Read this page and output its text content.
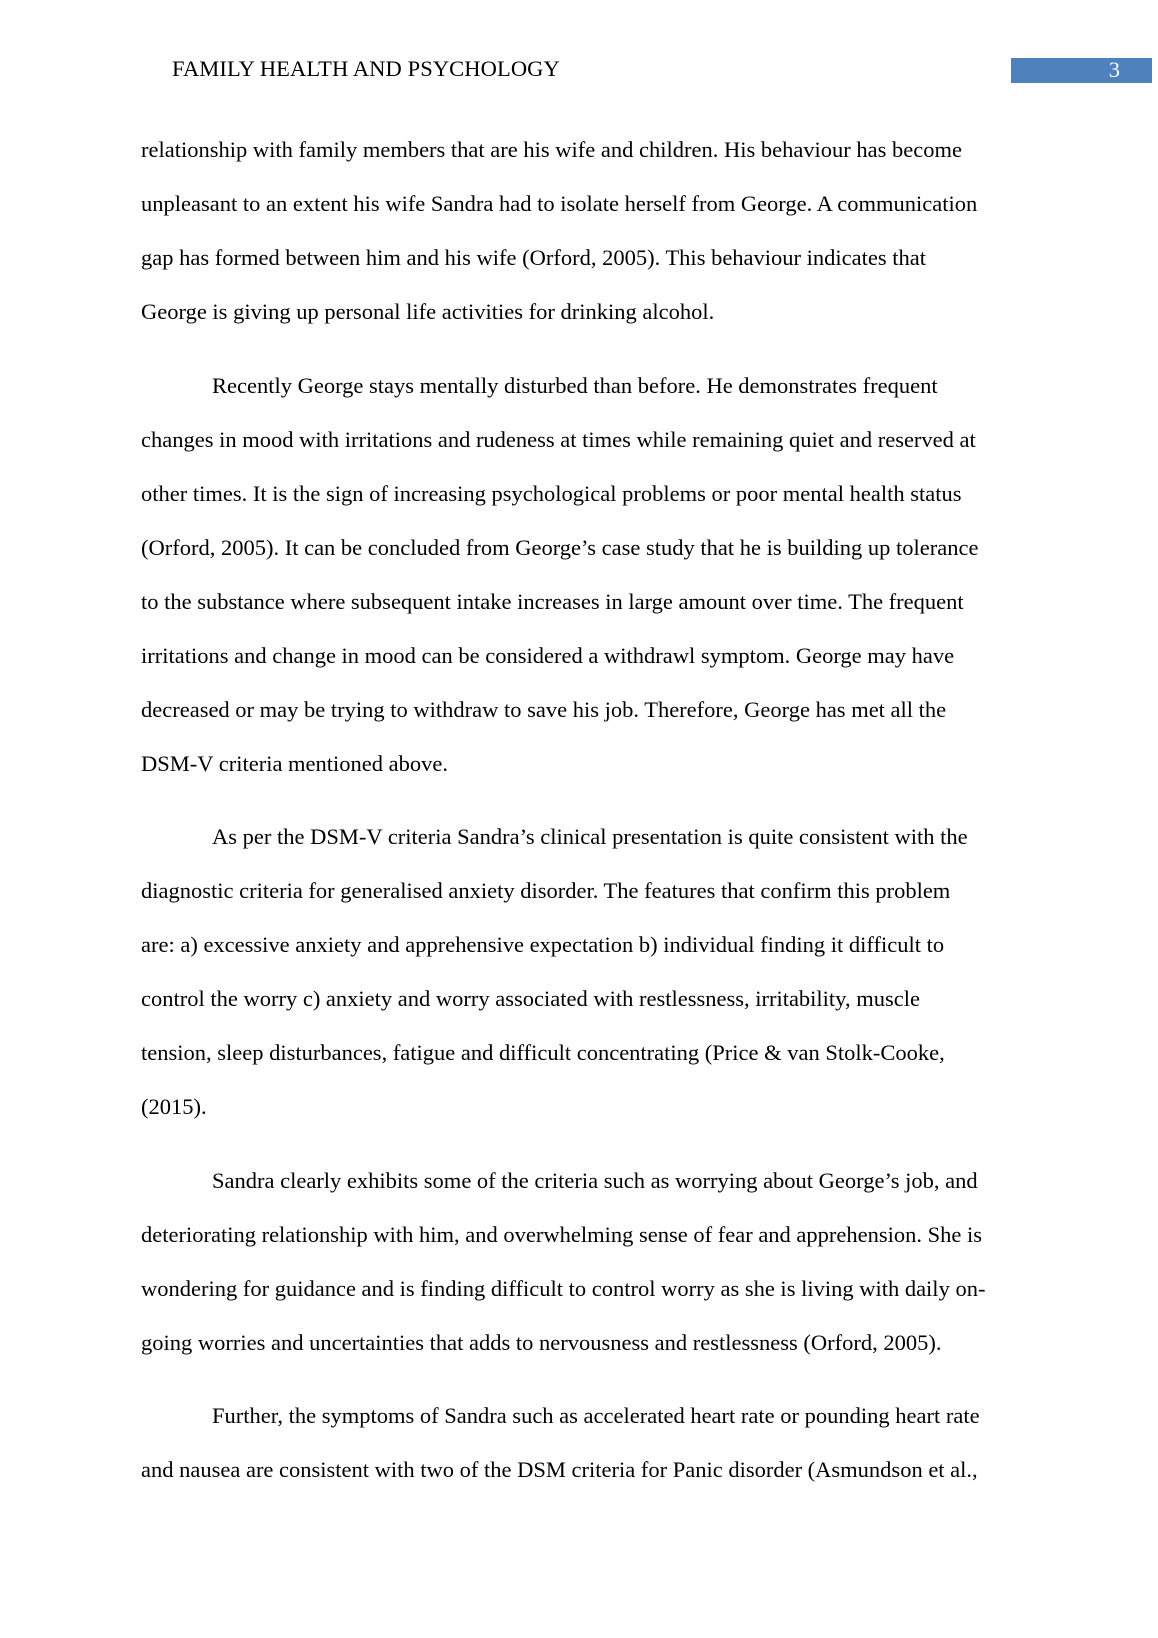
FAMILY HEALTH AND PSYCHOLOGY	3
relationship with family members that are his wife and children. His behaviour has become
unpleasant to an extent his wife Sandra had to isolate herself from George. A communication
gap has formed between him and his wife (Orford, 2005). This behaviour indicates that
George is giving up personal life activities for drinking alcohol.
Recently George stays mentally disturbed than before. He demonstrates frequent
changes in mood with irritations and rudeness at times while remaining quiet and reserved at
other times. It is the sign of increasing psychological problems or poor mental health status
(Orford, 2005). It can be concluded from George’s case study that he is building up tolerance
to the substance where subsequent intake increases in large amount over time. The frequent
irritations and change in mood can be considered a withdrawl symptom. George may have
decreased or may be trying to withdraw to save his job. Therefore, George has met all the
DSM-V criteria mentioned above.
As per the DSM-V criteria Sandra’s clinical presentation is quite consistent with the
diagnostic criteria for generalised anxiety disorder. The features that confirm this problem
are: a) excessive anxiety and apprehensive expectation b) individual finding it difficult to
control the worry c) anxiety and worry associated with restlessness, irritability, muscle
tension, sleep disturbances, fatigue and difficult concentrating (Price & van Stolk-Cooke,
(2015).
Sandra clearly exhibits some of the criteria such as worrying about George’s job, and
deteriorating relationship with him, and overwhelming sense of fear and apprehension. She is
wondering for guidance and is finding difficult to control worry as she is living with daily on-
going worries and uncertainties that adds to nervousness and restlessness (Orford, 2005).
Further, the symptoms of Sandra such as accelerated heart rate or pounding heart rate
and nausea are consistent with two of the DSM criteria for Panic disorder (Asmundson et al.,
